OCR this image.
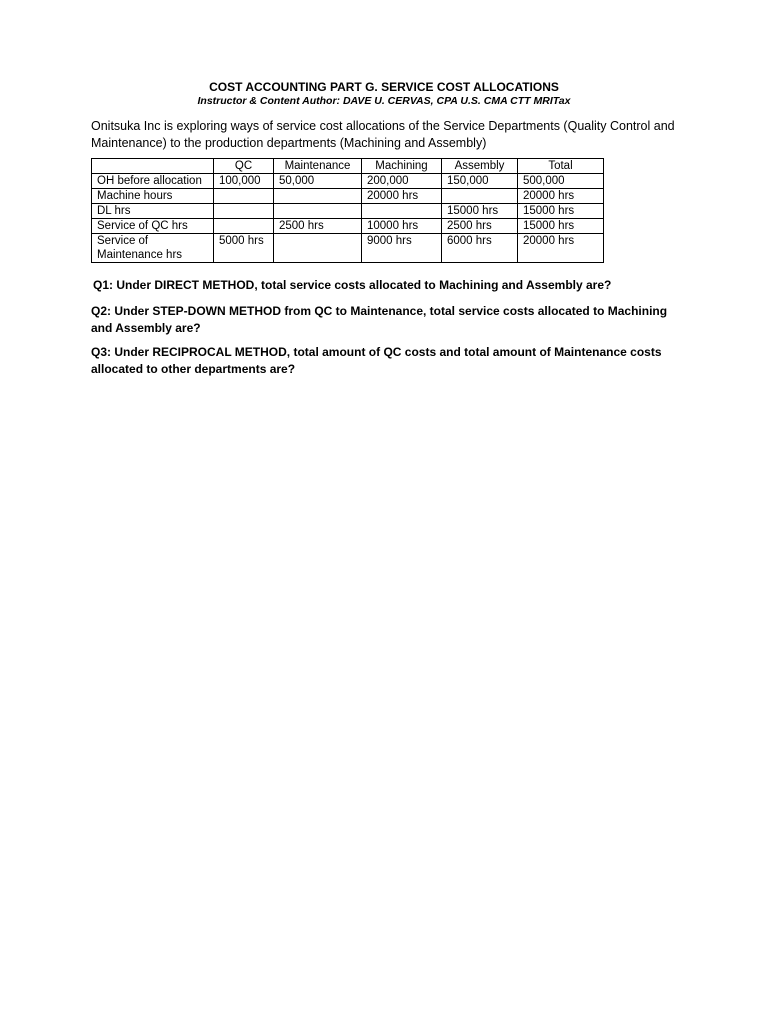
COST ACCOUNTING PART G. SERVICE COST ALLOCATIONS
Instructor & Content Author: DAVE U. CERVAS, CPA U.S. CMA CTT MRITax
Onitsuka Inc is exploring ways of service cost allocations of the Service Departments (Quality Control and Maintenance) to the production departments (Machining and Assembly)
	QC	Maintenance	Machining	Assembly	Total
OH before allocation	100,000	50,000	200,000	150,000	500,000
Machine hours			20000 hrs		20000 hrs
DL hrs				15000 hrs	15000 hrs
Service of QC hrs		2500 hrs	10000 hrs	2500 hrs	15000 hrs
Service of Maintenance hrs	5000 hrs		9000 hrs	6000 hrs	20000 hrs
Q1: Under DIRECT METHOD, total service costs allocated to Machining and Assembly are?
Q2: Under STEP-DOWN METHOD from QC to Maintenance, total service costs allocated to Machining and Assembly are?
Q3: Under RECIPROCAL METHOD, total amount of QC costs and total amount of Maintenance costs allocated to other departments are?
